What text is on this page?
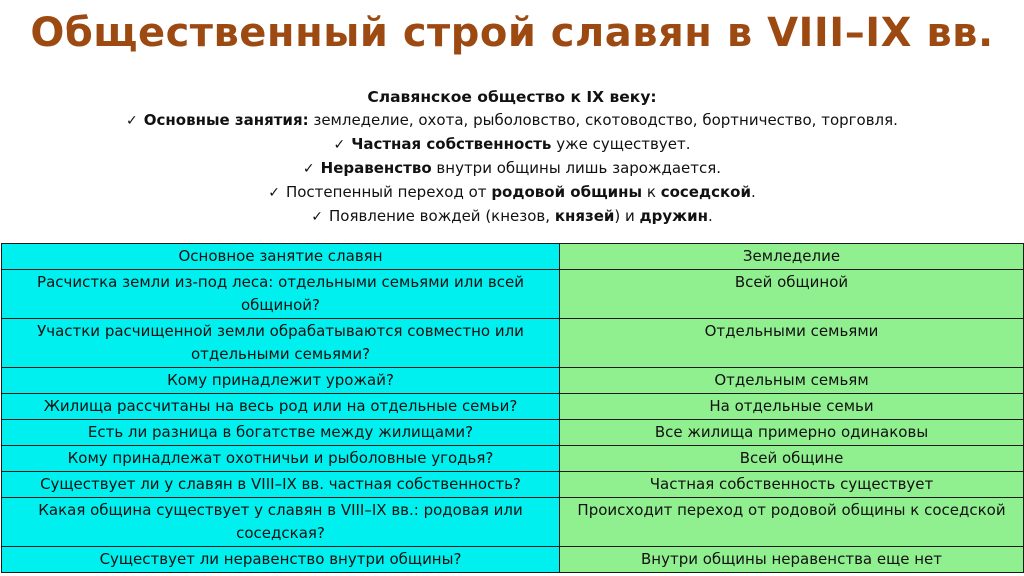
Общественный строй славян в VIII–IX вв.
Славянское общество к IX веку:
✓ Основные занятия: земледелие, охота, рыболовство, скотоводство, бортничество, торговля.
✓ Частная собственность уже существует.
✓ Неравенство внутри общины лишь зарождается.
✓ Постепенный переход от родовой общины к соседской.
✓ Появление вождей (кнезов, князей) и дружин.
Основное занятие славян	Земледелие
Расчистка земли из-под леса: отдельными семьями или всей общиной?	Всей общиной
Участки расчищенной земли обрабатываются совместно или отдельными семьями?	Отдельными семьями
Кому принадлежит урожай?	Отдельным семьям
Жилища рассчитаны на весь род или на отдельные семьи?	На отдельные семьи
Есть ли разница в богатстве между жилищами?	Все жилища примерно одинаковы
Кому принадлежат охотничьи и рыболовные угодья?	Всей общине
Существует ли у славян в VIII–IX вв. частная собственность?	Частная собственность существует
Какая община существует у славян в VIII–IX вв.: родовая или соседская?	Происходит переход от родовой общины к соседской
Существует ли неравенство внутри общины?	Внутри общины неравенства еще нет
